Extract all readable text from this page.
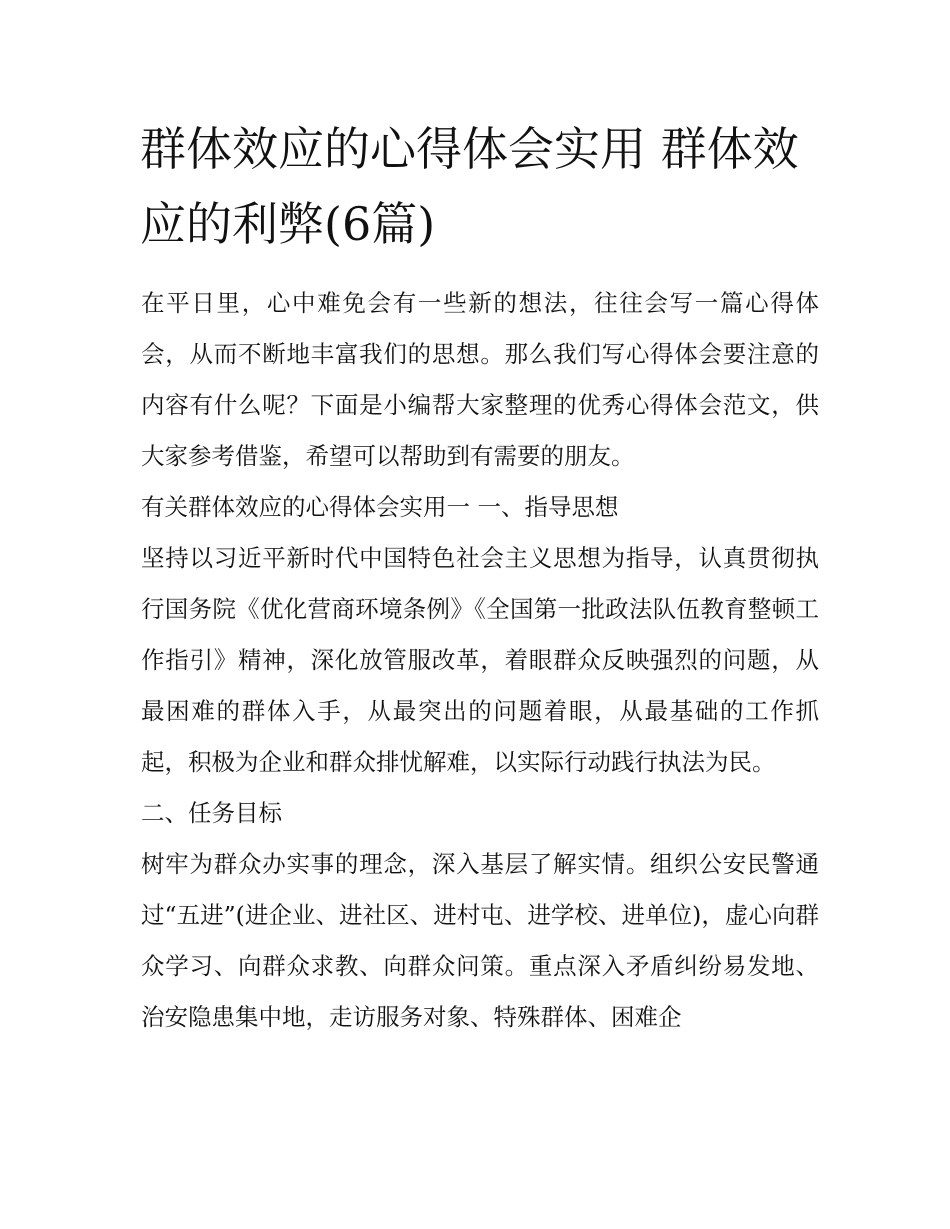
群体效应的心得体会实用 群体效应的利弊(6篇)

在平日里，心中难免会有一些新的想法，往往会写一篇心得体会，从而不断地丰富我们的思想。那么我们写心得体会要注意的内容有什么呢？下面是小编帮大家整理的优秀心得体会范文，供大家参考借鉴，希望可以帮助到有需要的朋友。

有关群体效应的心得体会实用一 一、指导思想

坚持以习近平新时代中国特色社会主义思想为指导，认真贯彻执行国务院《优化营商环境条例》《全国第一批政法队伍教育整顿工作指引》精神，深化放管服改革，着眼群众反映强烈的问题，从最困难的群体入手，从最突出的问题着眼，从最基础的工作抓起，积极为企业和群众排忧解难，以实际行动践行执法为民。

二、任务目标

树牢为群众办实事的理念，深入基层了解实情。组织公安民警通过“五进”(进企业、进社区、进村屯、进学校、进单位)，虚心向群众学习、向群众求教、向群众问策。重点深入矛盾纠纷易发地、治安隐患集中地，走访服务对象、特殊群体、困难企
